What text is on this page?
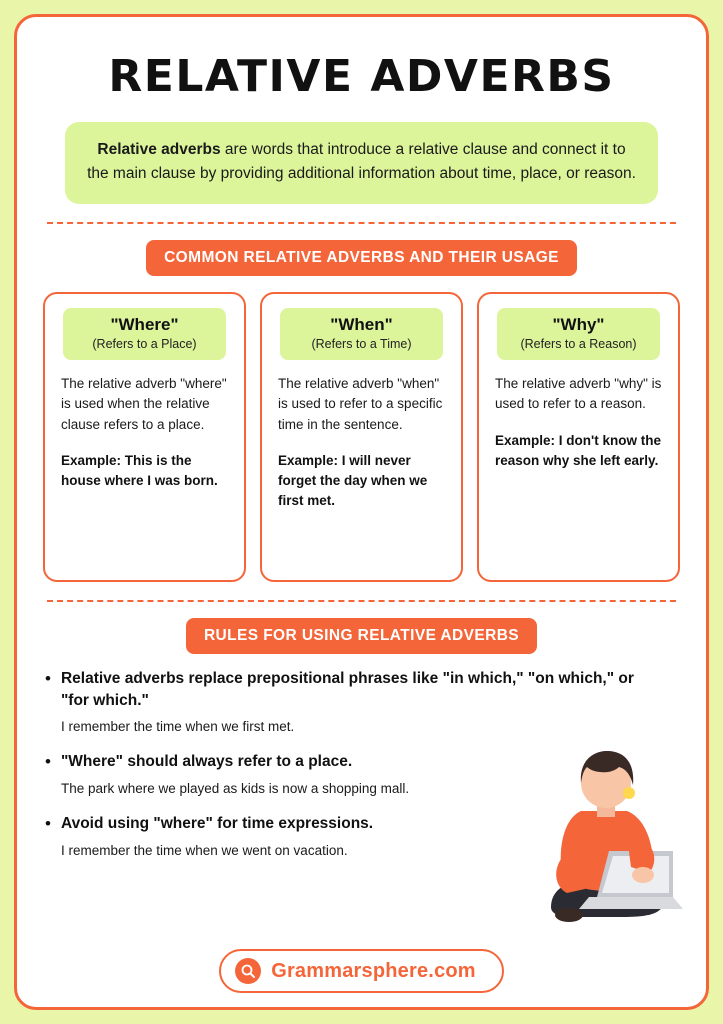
RELATIVE ADVERBS
Relative adverbs are words that introduce a relative clause and connect it to the main clause by providing additional information about time, place, or reason.
COMMON RELATIVE ADVERBS AND THEIR USAGE
"Where"
(Refers to a Place)
The relative adverb "where" is used when the relative clause refers to a place.
Example: This is the house where I was born.
"When"
(Refers to a Time)
The relative adverb "when" is used to refer to a specific time in the sentence.
Example: I will never forget the day when we first met.
"Why"
(Refers to a Reason)
The relative adverb "why" is used to refer to a reason.
Example: I don't know the reason why she left early.
RULES FOR USING RELATIVE ADVERBS
• Relative adverbs replace prepositional phrases like "in which," "on which," or "for which."
I remember the time when we first met.
• "Where" should always refer to a place.
The park where we played as kids is now a shopping mall.
• Avoid using "where" for time expressions.
I remember the time when we went on vacation.
Grammarsphere.com
